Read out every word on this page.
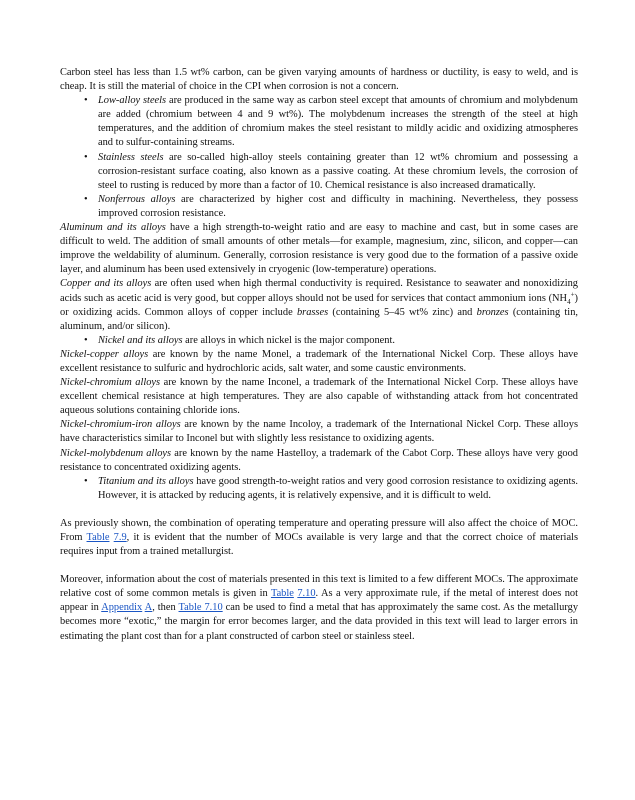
Carbon steel has less than 1.5 wt% carbon, can be given varying amounts of hardness or ductility, is easy to weld, and is cheap. It is still the material of choice in the CPI when corrosion is not a concern.

• Low-alloy steels are produced in the same way as carbon steel except that amounts of chromium and molybdenum are added (chromium between 4 and 9 wt%). The molybdenum increases the strength of the steel at high temperatures, and the addition of chromium makes the steel resistant to mildly acidic and oxidizing atmospheres and to sulfur-containing streams.
• Stainless steels are so-called high-alloy steels containing greater than 12 wt% chromium and possessing a corrosion-resistant surface coating, also known as a passive coating. At these chromium levels, the corrosion of steel to rusting is reduced by more than a factor of 10. Chemical resistance is also increased dramatically.
• Nonferrous alloys are characterized by higher cost and difficulty in machining. Nevertheless, they possess improved corrosion resistance.

Aluminum and its alloys have a high strength-to-weight ratio and are easy to machine and cast, but in some cases are difficult to weld. The addition of small amounts of other metals—for example, magnesium, zinc, silicon, and copper—can improve the weldability of aluminum. Generally, corrosion resistance is very good due to the formation of a passive oxide layer, and aluminum has been used extensively in cryogenic (low-temperature) operations.

Copper and its alloys are often used when high thermal conductivity is required. Resistance to seawater and nonoxidizing acids such as acetic acid is very good, but copper alloys should not be used for services that contact ammonium ions $(NH_4^+)$ or oxidizing acids. Common alloys of copper include brasses (containing 5–45 wt% zinc) and bronzes (containing tin, aluminum, and/or silicon).

• Nickel and its alloys are alloys in which nickel is the major component.

Nickel-copper alloys are known by the name Monel, a trademark of the International Nickel Corp. These alloys have excellent resistance to sulfuric and hydrochloric acids, salt water, and some caustic environments.

Nickel-chromium alloys are known by the name Inconel, a trademark of the International Nickel Corp. These alloys have excellent chemical resistance at high temperatures. They are also capable of withstanding attack from hot concentrated aqueous solutions containing chloride ions.

Nickel-chromium-iron alloys are known by the name Incoloy, a trademark of the International Nickel Corp. These alloys have characteristics similar to Inconel but with slightly less resistance to oxidizing agents.

Nickel-molybdenum alloys are known by the name Hastelloy, a trademark of the Cabot Corp. These alloys have very good resistance to concentrated oxidizing agents.

• Titanium and its alloys have good strength-to-weight ratios and very good corrosion resistance to oxidizing agents. However, it is attacked by reducing agents, it is relatively expensive, and it is difficult to weld.

As previously shown, the combination of operating temperature and operating pressure will also affect the choice of MOC. From Table 7.9, it is evident that the number of MOCs available is very large and that the correct choice of materials requires input from a trained metallurgist.

Moreover, information about the cost of materials presented in this text is limited to a few different MOCs. The approximate relative cost of some common metals is given in Table 7.10. As a very approximate rule, if the metal of interest does not appear in Appendix A, then Table 7.10 can be used to find a metal that has approximately the same cost. As the metallurgy becomes more “exotic,” the margin for error becomes larger, and the data provided in this text will lead to larger errors in estimating the plant cost than for a plant constructed of carbon steel or stainless steel.
